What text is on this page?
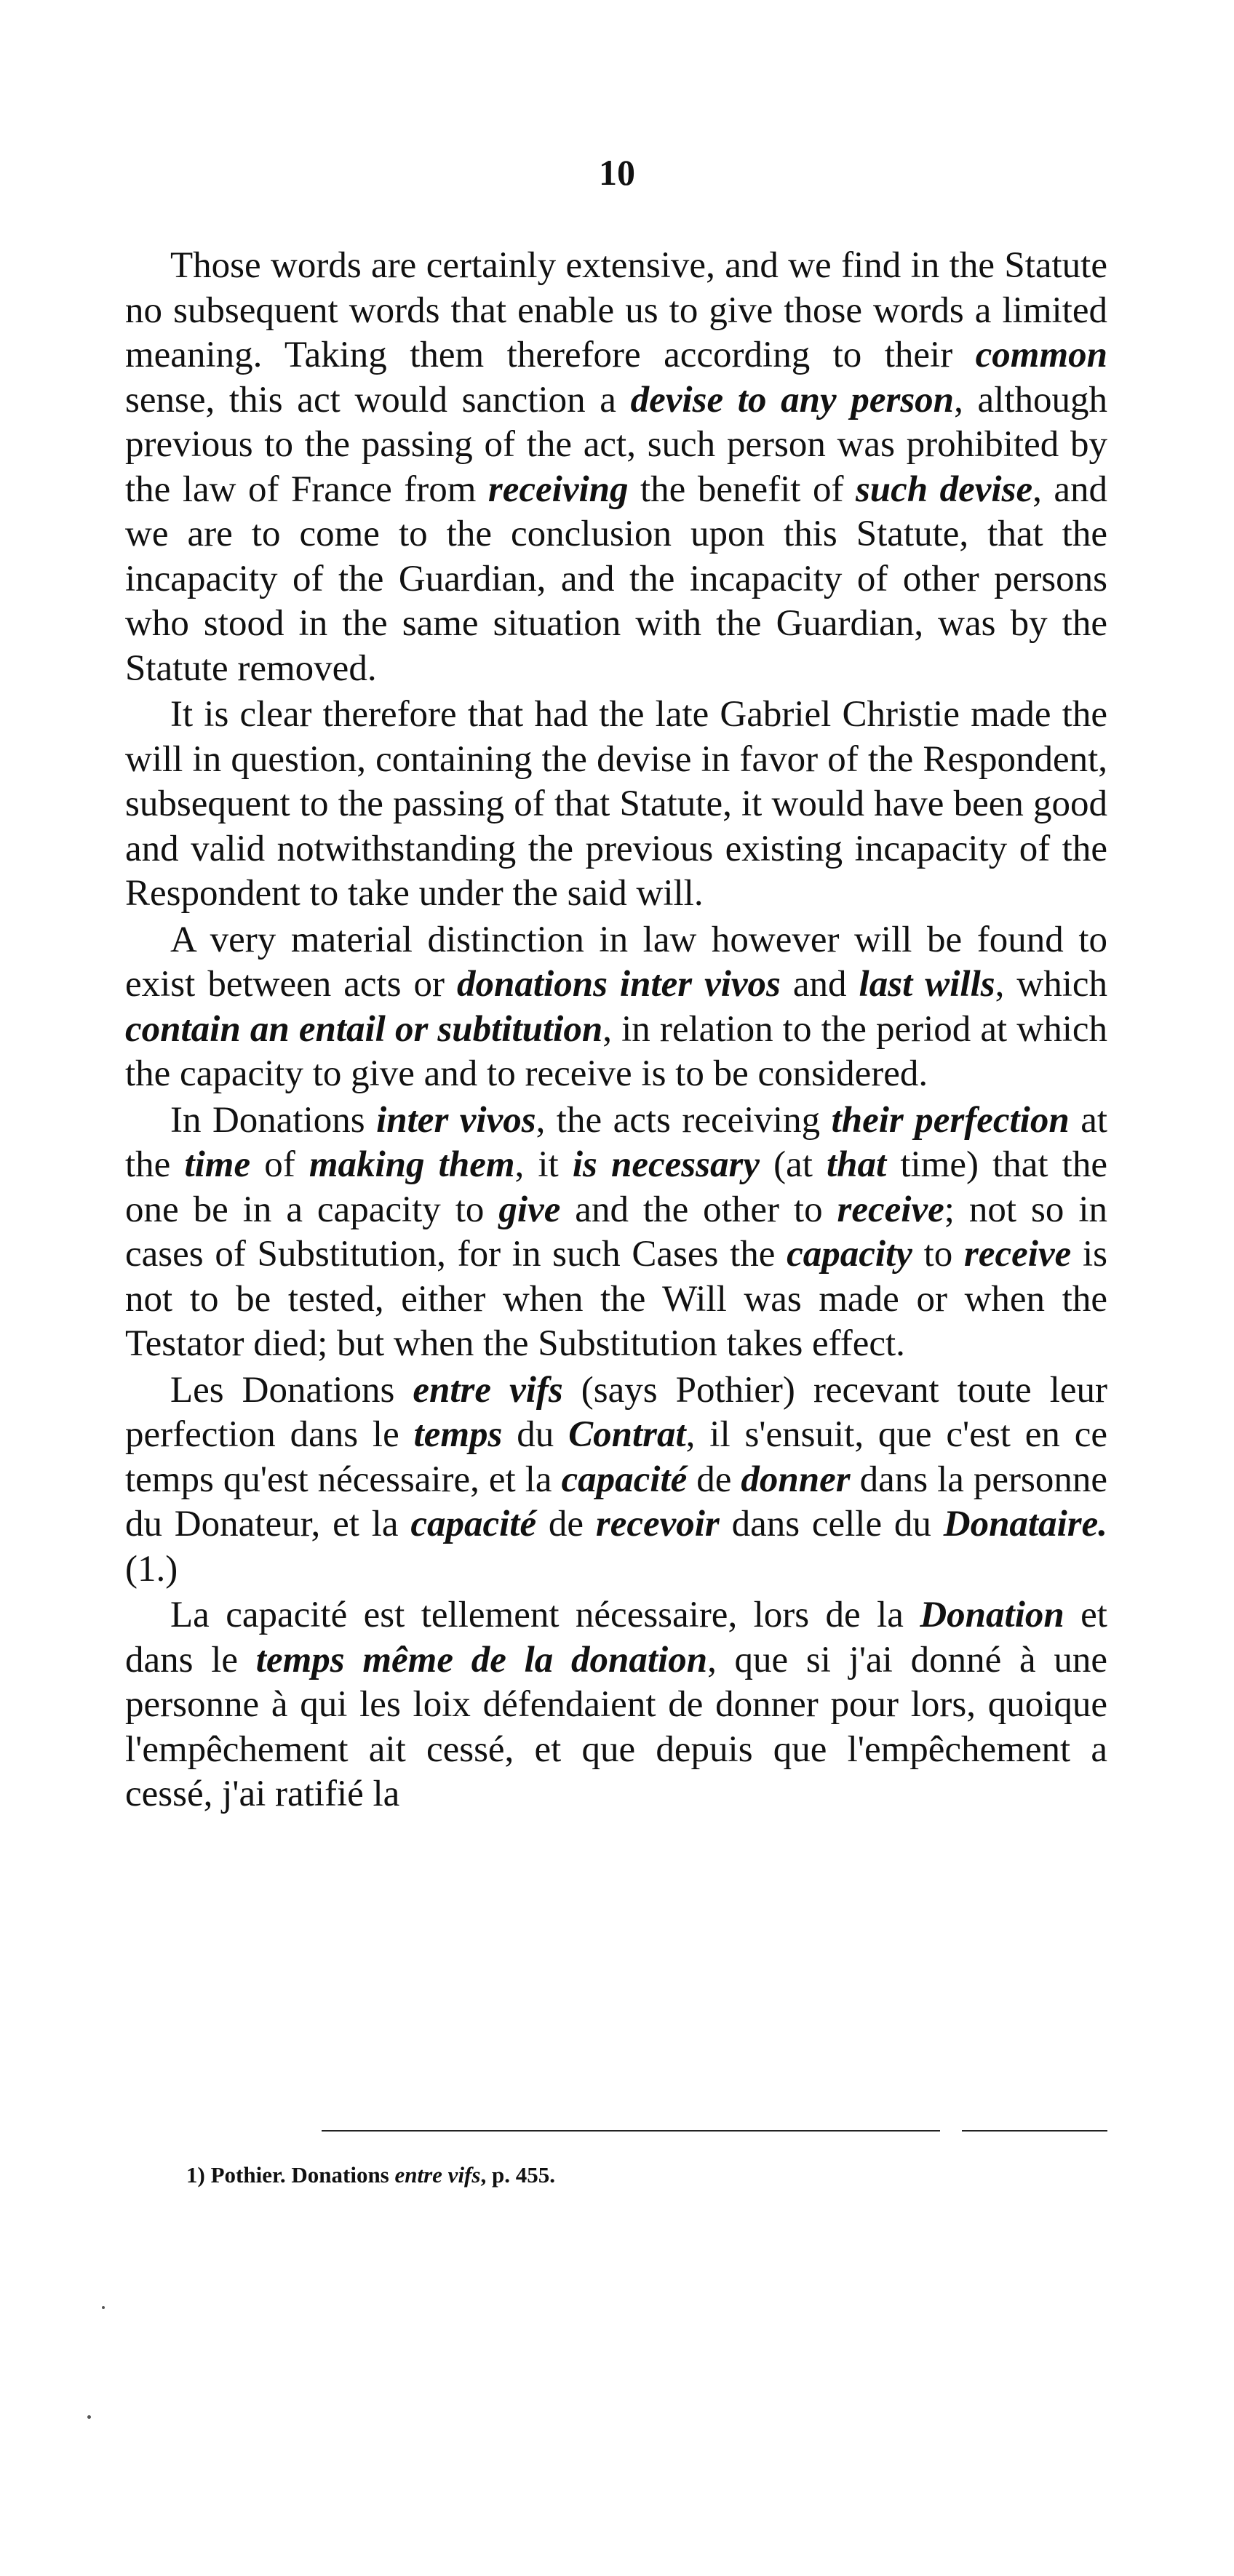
10

Those words are certainly extensive, and we find in the Statute no subsequent words that enable us to give those words a limited meaning. Taking them therefore according to their common sense, this act would sanction a devise to any person, although previous to the passing of the act, such person was prohibited by the law of France from receiving the benefit of such devise, and we are to come to the conclusion upon this Statute, that the incapacity of the Guardian, and the incapacity of other persons who stood in the same situation with the Guardian, was by the Statute removed.

It is clear therefore that had the late Gabriel Christie made the will in question, containing the devise in favor of the Respondent, subsequent to the passing of that Statute, it would have been good and valid notwithstanding the previous existing incapacity of the Respondent to take under the said will.

A very material distinction in law however will be found to exist between acts or donations inter vivos and last wills, which contain an entail or subtitution, in relation to the period at which the capacity to give and to receive is to be considered.

In Donations inter vivos, the acts receiving their perfection at the time of making them, it is necessary (at that time) that the one be in a capacity to give and the other to receive; not so in cases of Substitution, for in such Cases the capacity to receive is not to be tested, either when the Will was made or when the Testator died; but when the Substitution takes effect.

Les Donations entre vifs (says Pothier) recevant toute leur perfection dans le temps du Contrat, il s'ensuit, que c'est en ce temps qu'est nécessaire, et la capacité de donner dans la personne du Donateur, et la capacité de recevoir dans celle du Donataire. (1.)

La capacité est tellement nécessaire, lors de la Donation et dans le temps même de la donation, que si j'ai donné à une personne à qui les loix défendaient de donner pour lors, quoique l'empêchement ait cessé, et que depuis que l'empêchement a cessé, j'ai ratifié la

1) Pothier. Donations entre vifs, p. 455.
